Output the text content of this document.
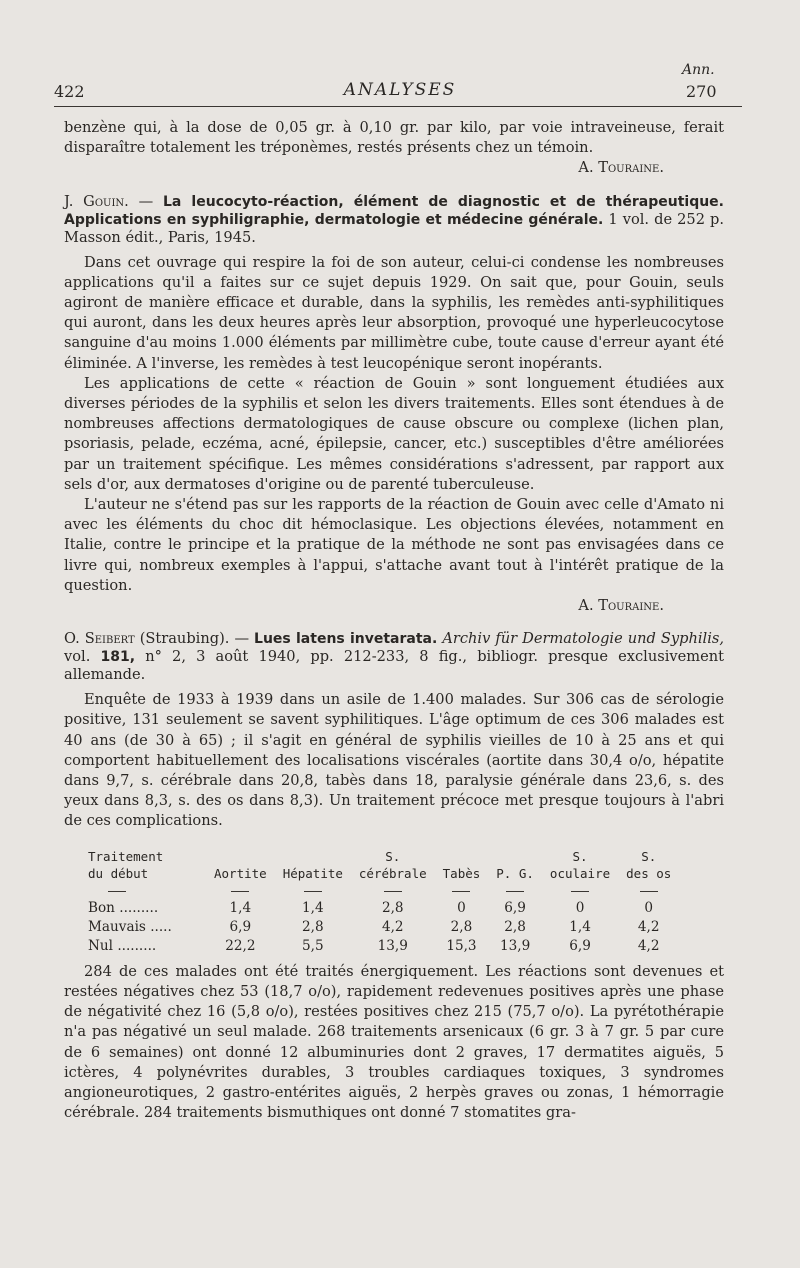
Ann.
422	ANALYSES	270

benzène qui, à la dose de 0,05 gr. à 0,10 gr. par kilo, par voie intraveineuse, ferait disparaître totalement les tréponèmes, restés présents chez un témoin.

A. Touraine.

J. Gouin. — La leucocyto-réaction, élément de diagnostic et de thérapeutique. Applications en syphiligraphie, dermatologie et médecine générale. 1 vol. de 252 p. Masson édit., Paris, 1945.

Dans cet ouvrage qui respire la foi de son auteur, celui-ci condense les nombreuses applications qu'il a faites sur ce sujet depuis 1929. On sait que, pour Gouin, seuls agiront de manière efficace et durable, dans la syphilis, les remèdes anti-syphilitiques qui auront, dans les deux heures après leur absorption, provoqué une hyperleucocytose sanguine d'au moins 1.000 éléments par millimètre cube, toute cause d'erreur ayant été éliminée. A l'inverse, les remèdes à test leucopénique seront inopérants.

Les applications de cette « réaction de Gouin » sont longuement étudiées aux diverses périodes de la syphilis et selon les divers traitements. Elles sont étendues à de nombreuses affections dermatologiques de cause obscure ou complexe (lichen plan, psoriasis, pelade, eczéma, acné, épilepsie, cancer, etc.) susceptibles d'être améliorées par un traitement spécifique. Les mêmes considérations s'adressent, par rapport aux sels d'or, aux dermatoses d'origine ou de parenté tuberculeuse.

L'auteur ne s'étend pas sur les rapports de la réaction de Gouin avec celle d'Amato ni avec les éléments du choc dit hémoclasique. Les objections élevées, notamment en Italie, contre le principe et la pratique de la méthode ne sont pas envisagées dans ce livre qui, nombreux exemples à l'appui, s'attache avant tout à l'intérêt pratique de la question.

A. Touraine.

O. Seibert (Straubing). — Lues latens invetarata. Archiv für Dermatologie und Syphilis, vol. 181, n° 2, 3 août 1940, pp. 212-233, 8 fig., bibliogr. presque exclusivement allemande.

Enquête de 1933 à 1939 dans un asile de 1.400 malades. Sur 306 cas de sérologie positive, 131 seulement se savent syphilitiques. L'âge optimum de ces 306 malades est 40 ans (de 30 à 65) ; il s'agit en général de syphilis vieilles de 10 à 25 ans et qui comportent habituellement des localisations viscérales (aortite dans 30,4 o/o, hépatite dans 9,7, s. cérébrale dans 20,8, tabès dans 18, paralysie générale dans 23,6, s. des yeux dans 8,3, s. des os dans 8,3). Un traitement précoce met presque toujours à l'abri de ces complications.

Traitement			S.			S.	S.
du début	Aortite	Hépatite	cérébrale	Tabès	P. G.	oculaire	des os

Bon .........	1,4	1,4	2,8	0	6,9	0	0
Mauvais .....	6,9	2,8	4,2	2,8	2,8	1,4	4,2
Nul .........	22,2	5,5	13,9	15,3	13,9	6,9	4,2

284 de ces malades ont été traités énergiquement. Les réactions sont devenues et restées négatives chez 53 (18,7 o/o), rapidement redevenues positives après une phase de négativité chez 16 (5,8 o/o), restées positives chez 215 (75,7 o/o). La pyrétothérapie n'a pas négativé un seul malade. 268 traitements arsenicaux (6 gr. 3 à 7 gr. 5 par cure de 6 semaines) ont donné 12 albuminuries dont 2 graves, 17 dermatites aiguës, 5 ictères, 4 polynévrites durables, 3 troubles cardiaques toxiques, 3 syndromes angioneurotiques, 2 gastro-entérites aiguës, 2 herpès graves ou zonas, 1 hémorragie cérébrale. 284 traitements bismuthiques ont donné 7 stomatites gra-
